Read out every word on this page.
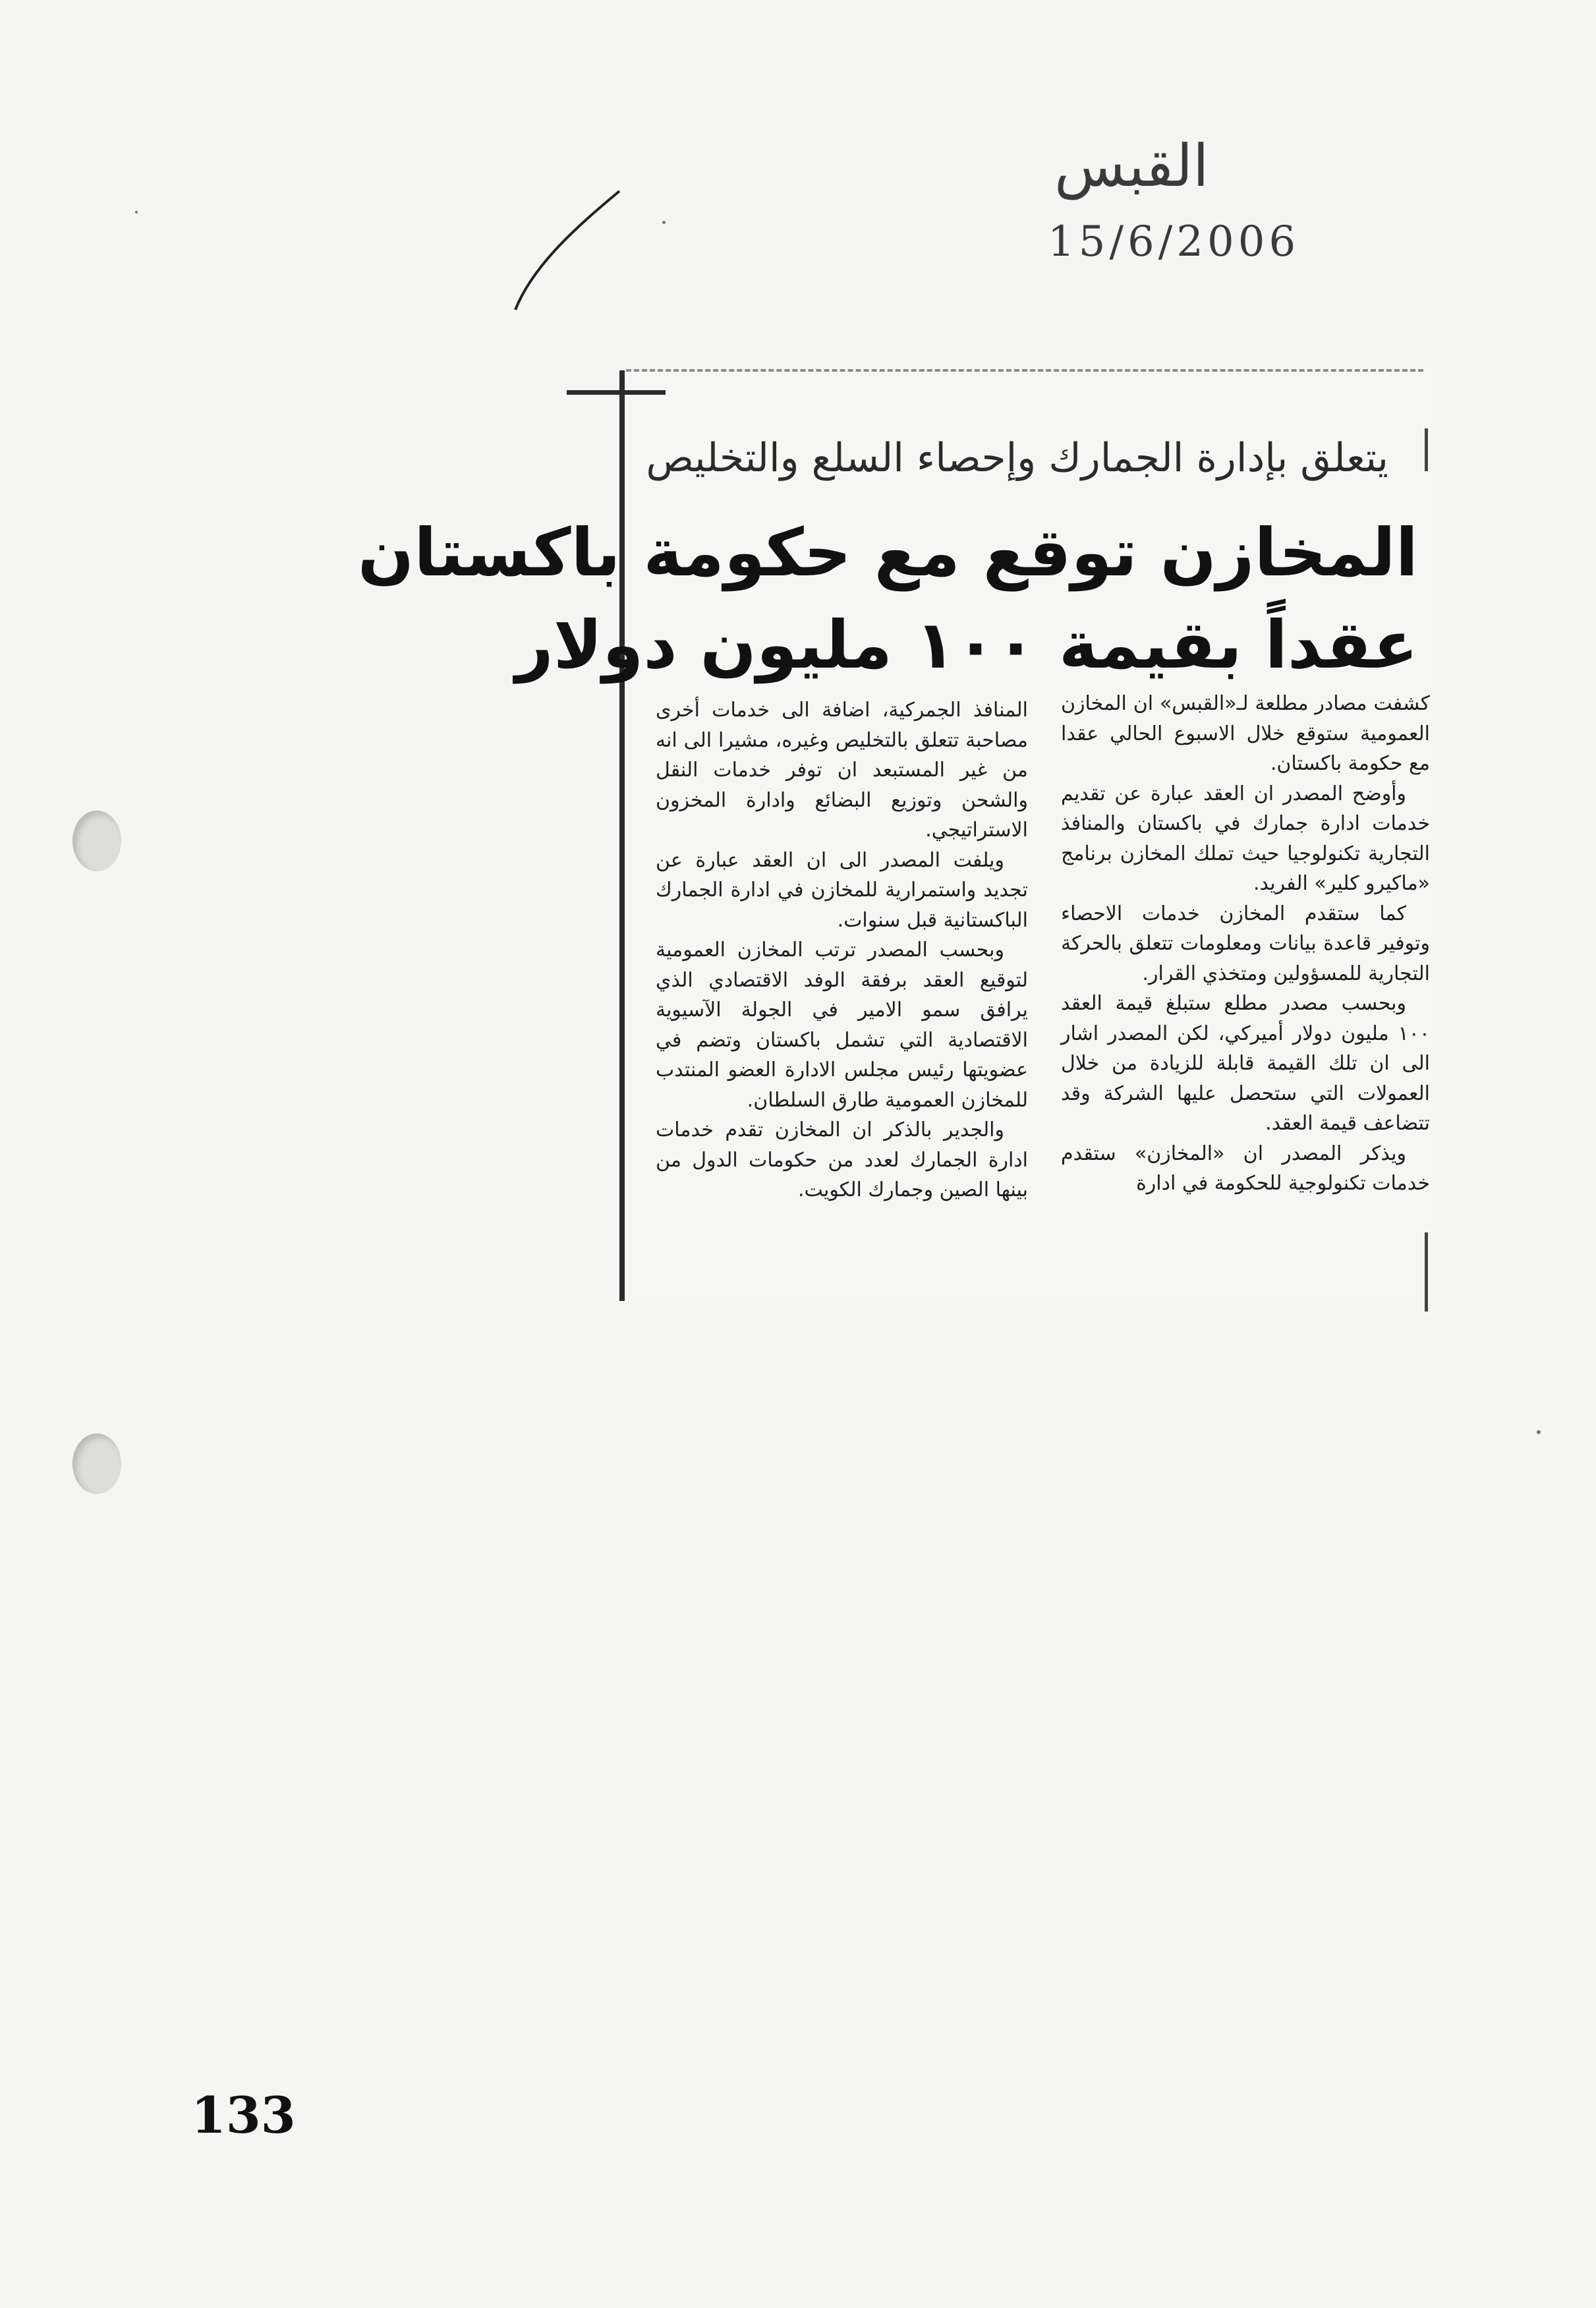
القبس
15/6/2006
يتعلق بإدارة الجمارك وإحصاء السلع والتخليص
المخازن توقع مع حكومة باكستان
عقداً بقيمة ١٠٠ مليون دولار

كشفت مصادر مطلعة لـ«القبس» ان المخازن العمومية ستوقع خلال الاسبوع الحالي عقدا مع حكومة باكستان.

وأوضح المصدر ان العقد عبارة عن تقديم خدمات ادارة جمارك في باكستان والمنافذ التجارية تكنولوجيا حيث تملك المخازن برنامج «ماكيرو كلير» الفريد.

كما ستقدم المخازن خدمات الاحصاء وتوفير قاعدة بيانات ومعلومات تتعلق بالحركة التجارية للمسؤولين ومتخذي القرار.

وبحسب مصدر مطلع ستبلغ قيمة العقد ١٠٠ مليون دولار أميركي، لكن المصدر اشار الى ان تلك القيمة قابلة للزيادة من خلال العمولات التي ستحصل عليها الشركة وقد تتضاعف قيمة العقد.

ويذكر المصدر ان «المخازن» ستقدم خدمات تكنولوجية للحكومة في ادارة

المنافذ الجمركية، اضافة الى خدمات أخرى مصاحبة تتعلق بالتخليص وغيره، مشيرا الى انه من غير المستبعد ان توفر خدمات النقل والشحن وتوزيع البضائع وادارة المخزون الاستراتيجي.

ويلفت المصدر الى ان العقد عبارة عن تجديد واستمرارية للمخازن في ادارة الجمارك الباكستانية قبل سنوات.

وبحسب المصدر ترتب المخازن العمومية لتوقيع العقد برفقة الوفد الاقتصادي الذي يرافق سمو الامير في الجولة الآسيوية الاقتصادية التي تشمل باكستان وتضم في عضويتها رئيس مجلس الادارة العضو المنتدب للمخازن العمومية طارق السلطان.

والجدير بالذكر ان المخازن تقدم خدمات ادارة الجمارك لعدد من حكومات الدول من بينها الصين وجمارك الكويت.

133
